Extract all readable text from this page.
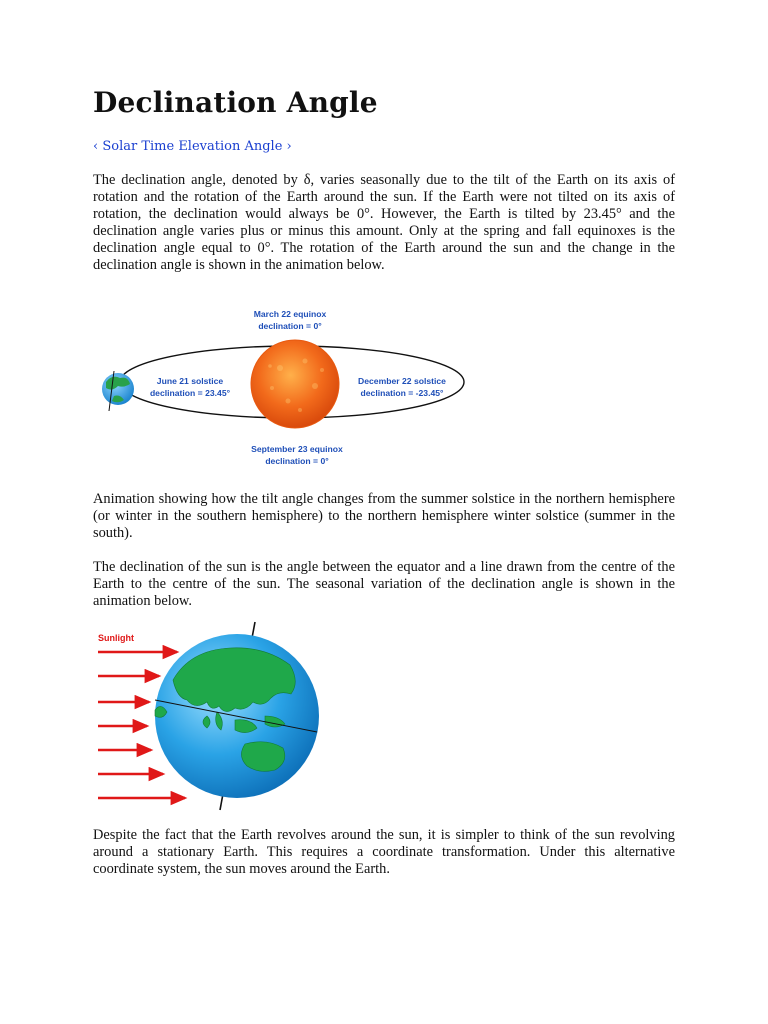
Declination Angle
‹ Solar Time Elevation Angle ›

The declination angle, denoted by δ, varies seasonally due to the tilt of the Earth on its axis of rotation and the rotation of the Earth around the sun. If the Earth were not tilted on its axis of rotation, the declination would always be 0°. However, the Earth is tilted by 23.45° and the declination angle varies plus or minus this amount. Only at the spring and fall equinoxes is the declination angle equal to 0°. The rotation of the Earth around the sun and the change in the declination angle is shown in the animation below.

Animation showing how the tilt angle changes from the summer solstice in the northern hemisphere (or winter in the southern hemisphere) to the northern hemisphere winter solstice (summer in the south).

The declination of the sun is the angle between the equator and a line drawn from the centre of the Earth to the centre of the sun. The seasonal variation of the declination angle is shown in the animation below.

Despite the fact that the Earth revolves around the sun, it is simpler to think of the sun revolving around a stationary Earth. This requires a coordinate transformation. Under this alternative coordinate system, the sun moves around the Earth.

March 22 equinox
declination = 0°
June 21 solstice
declination = 23.45°
December 22 solstice
declination = -23.45°
September 23 equinox
declination = 0°
Sunlight
